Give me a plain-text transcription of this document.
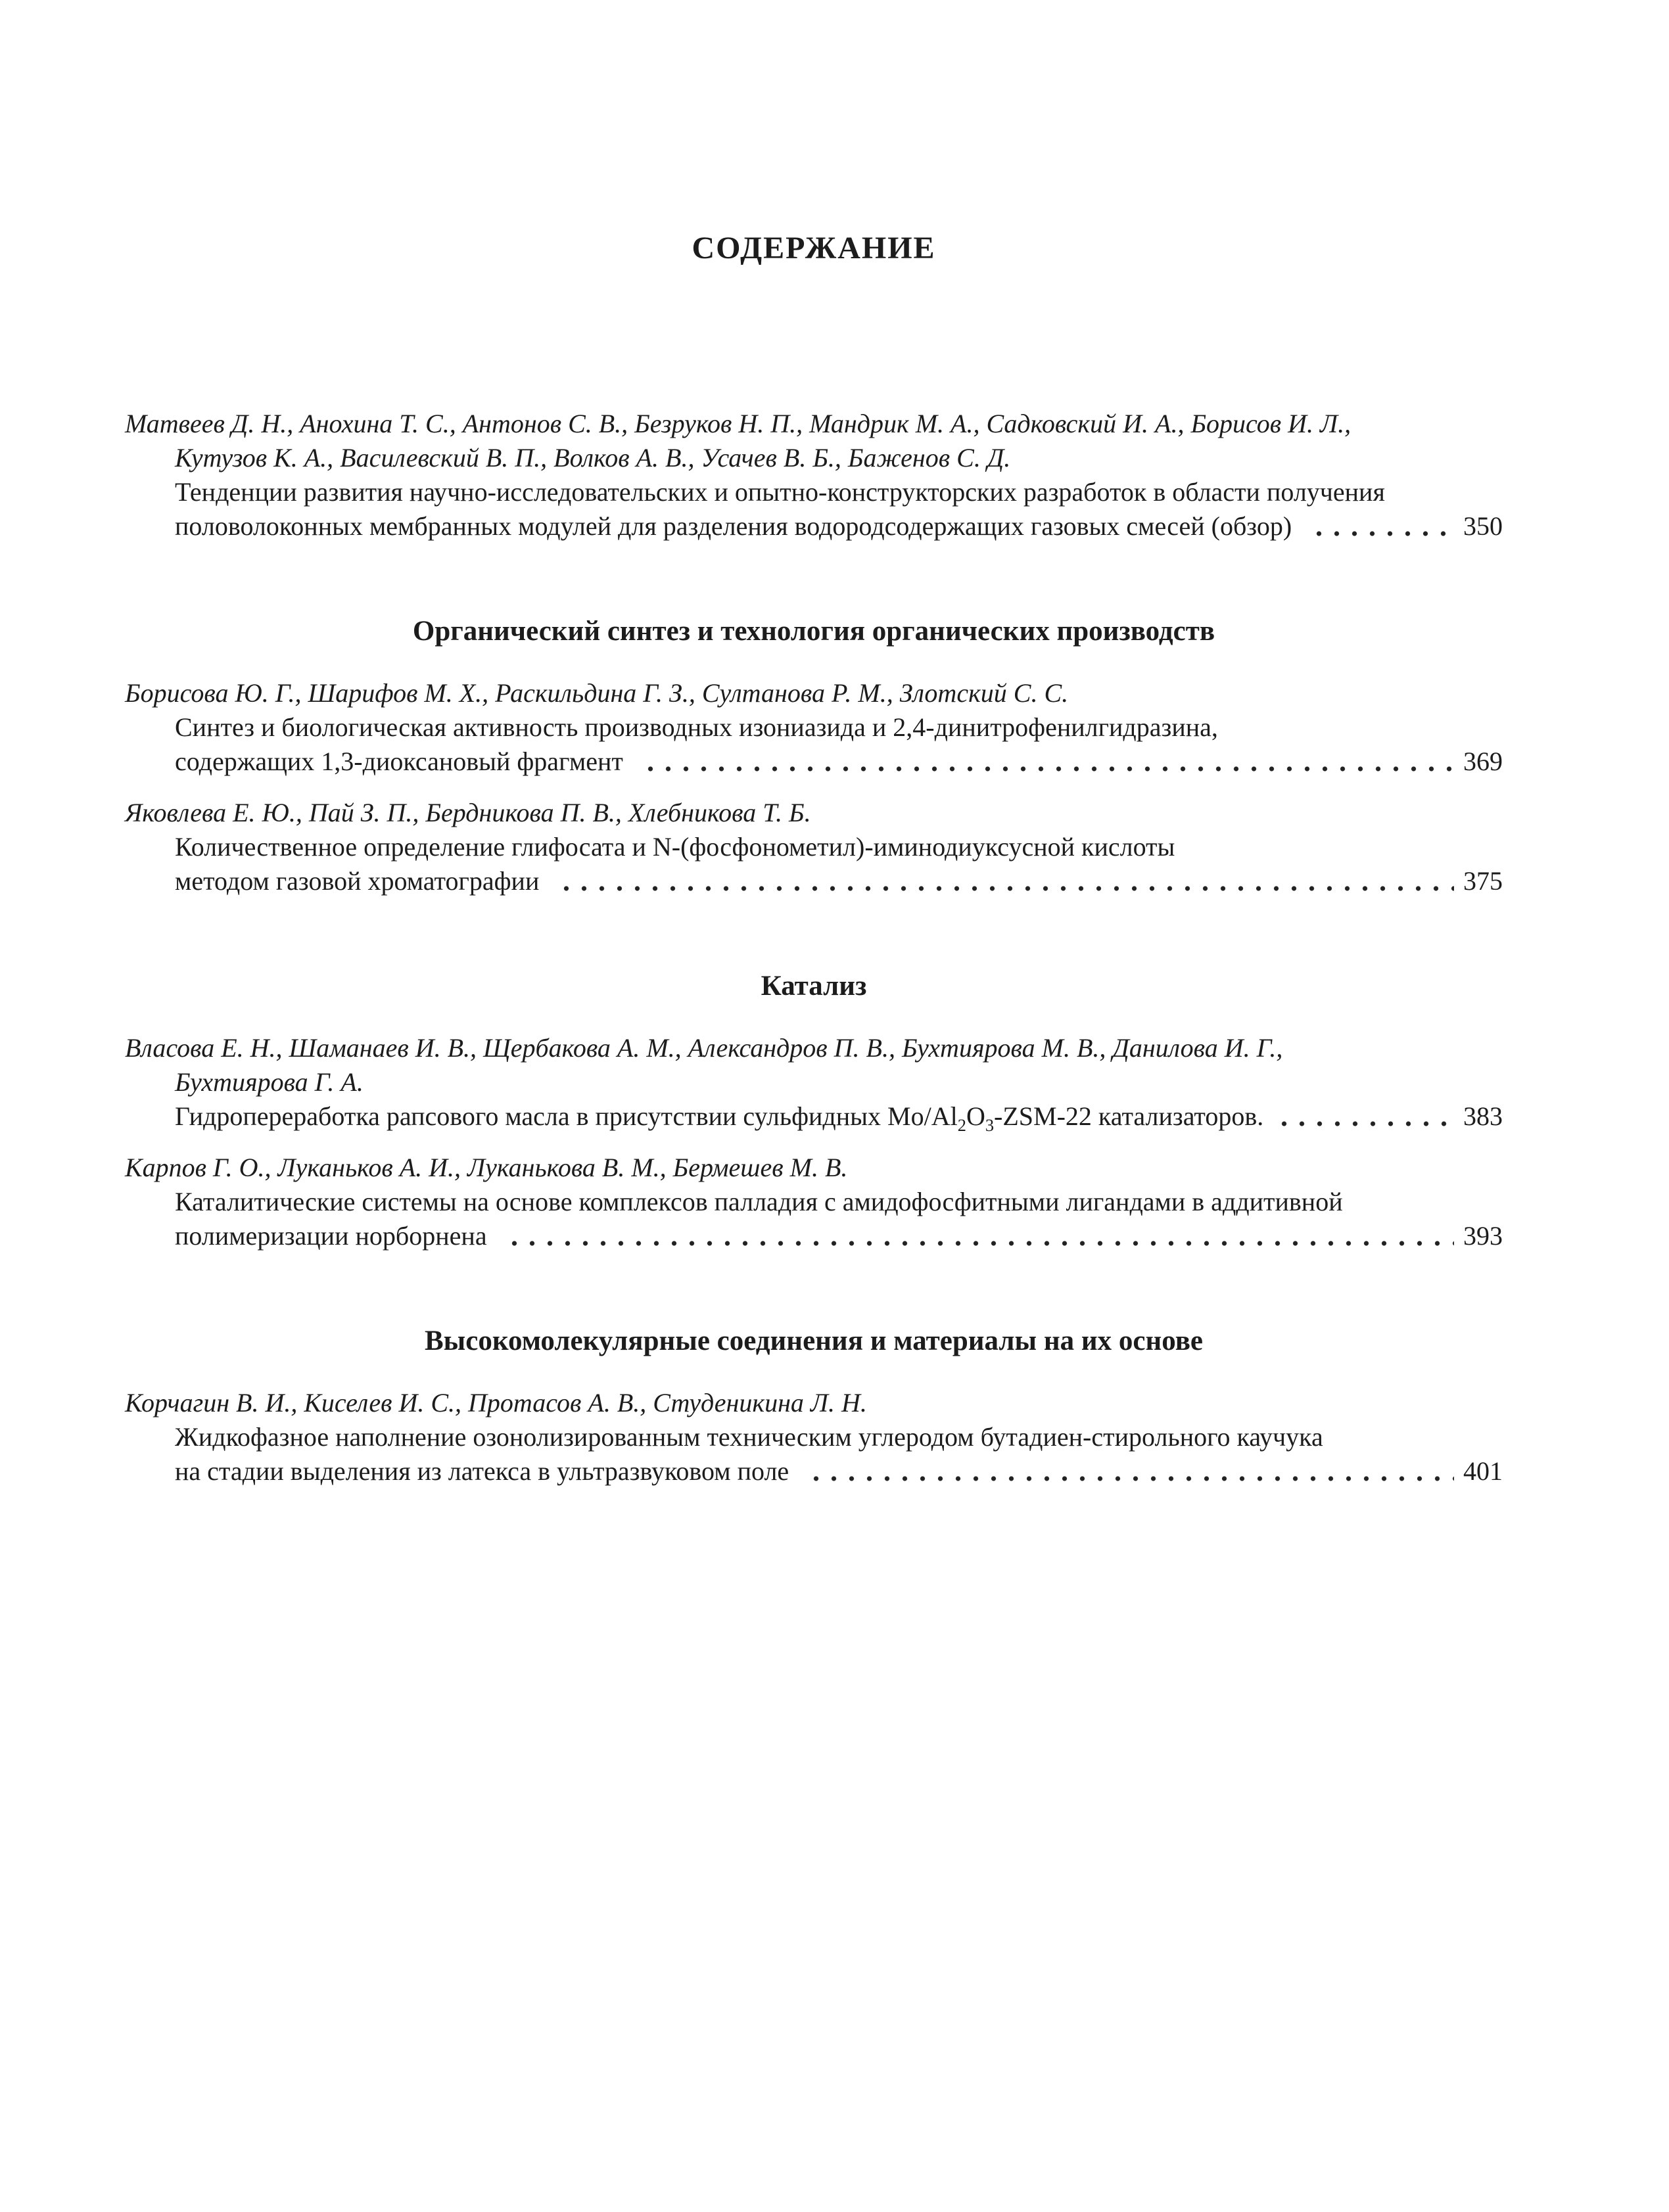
СОДЕРЖАНИЕ
Матвеев Д. Н., Анохина Т. С., Антонов С. В., Безруков Н. П., Мандрик М. А., Садковский И. А., Борисов И. Л.,
Кутузов К. А., Василевский В. П., Волков А. В., Усачев В. Б., Баженов С. Д.
Тенденции развития научно-исследовательских и опытно-конструкторских разработок в области получения
половолоконных мембранных модулей для разделения водородсодержащих газовых смесей (обзор)	350
Органический синтез и технология органических производств
Борисова Ю. Г., Шарифов М. Х., Раскильдина Г. З., Султанова Р. М., Злотский С. С.
Синтез и биологическая активность производных изониазида и 2,4-динитрофенилгидразина,
содержащих 1,3-диоксановый фрагмент	369
Яковлева Е. Ю., Пай З. П., Бердникова П. В., Хлебникова Т. Б.
Количественное определение глифосата и N-(фосфонометил)-иминодиуксусной кислоты
методом газовой хроматографии	375
Катализ
Власова Е. Н., Шаманаев И. В., Щербакова А. М., Александров П. В., Бухтиярова М. В., Данилова И. Г.,
Бухтиярова Г. А.
Гидропереработка рапсового масла в присутствии сульфидных $Mo/Al_2O_3-ZSM-22$ катализаторов.	383
Карпов Г. О., Луканьков А. И., Луканькова В. М., Бермешев М. В.
Каталитические системы на основе комплексов палладия с амидофосфитными лигандами в аддитивной
полимеризации норборнена	393
Высокомолекулярные соединения и материалы на их основе
Корчагин В. И., Киселев И. С., Протасов А. В., Студеникина Л. Н.
Жидкофазное наполнение озонолизированным техническим углеродом бутадиен-стирольного каучука
на стадии выделения из латекса в ультразвуковом поле	401
